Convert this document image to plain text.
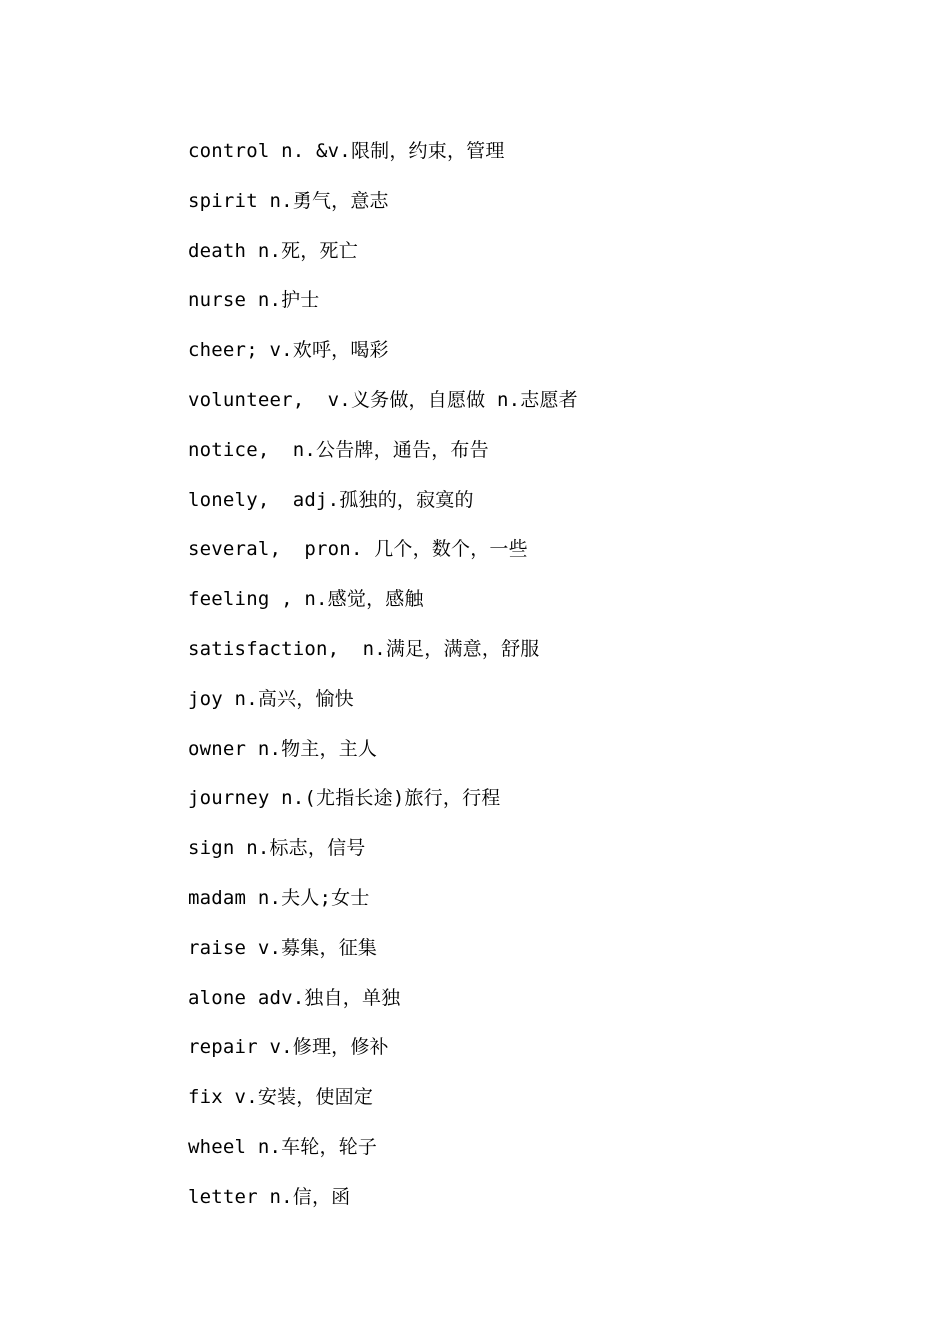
control n. &v.限制，约束，管理
spirit n.勇气，意志
death n.死，死亡
nurse n.护士
cheer; v.欢呼，喝彩
volunteer,  v.义务做，自愿做 n.志愿者
notice,  n.公告牌，通告，布告
lonely,  adj.孤独的，寂寞的
several,  pron. 几个，数个，一些
feeling , n.感觉，感触
satisfaction,  n.满足，满意，舒服
joy n.高兴，愉快
owner n.物主，主人
journey n.(尤指长途)旅行，行程
sign n.标志，信号
madam n.夫人;女士
raise v.募集，征集
alone adv.独自，单独
repair v.修理，修补
fix v.安装，使固定
wheel n.车轮，轮子
letter n.信，函
